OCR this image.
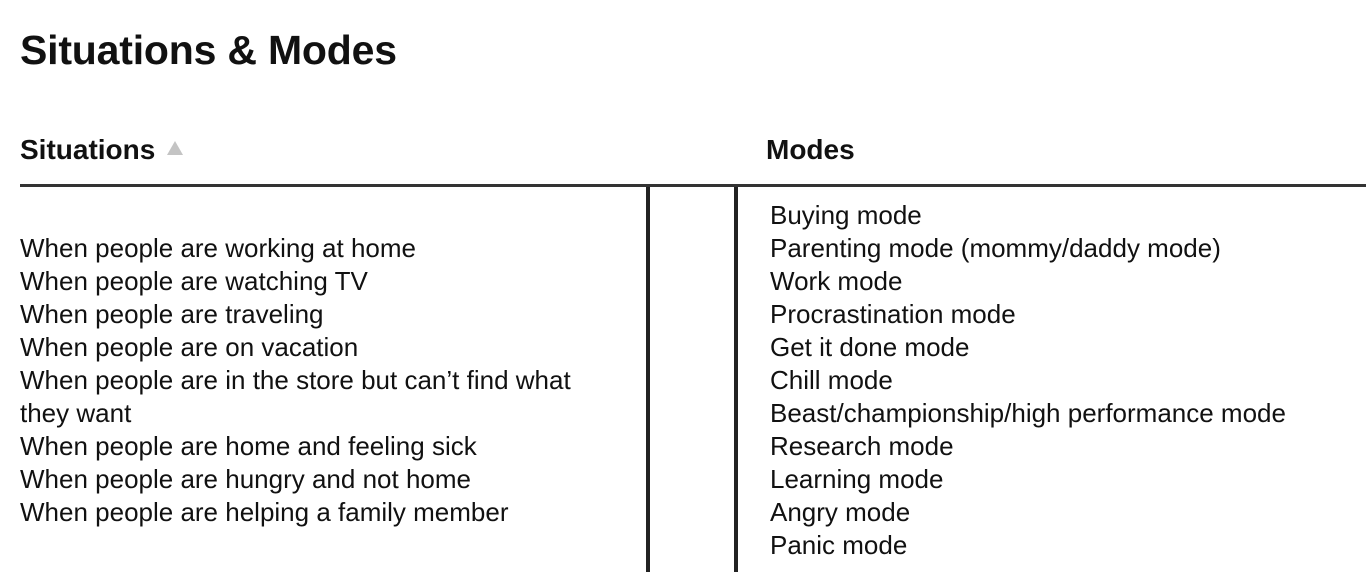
Situations & Modes
Situations	Modes
When people are working at home
When people are watching TV
When people are traveling
When people are on vacation
When people are in the store but can’t find what they want
When people are home and feeling sick
When people are hungry and not home
When people are helping a family member
Buying mode
Parenting mode (mommy/daddy mode)
Work mode
Procrastination mode
Get it done mode
Chill mode
Beast/championship/high performance mode
Research mode
Learning mode
Angry mode
Panic mode
